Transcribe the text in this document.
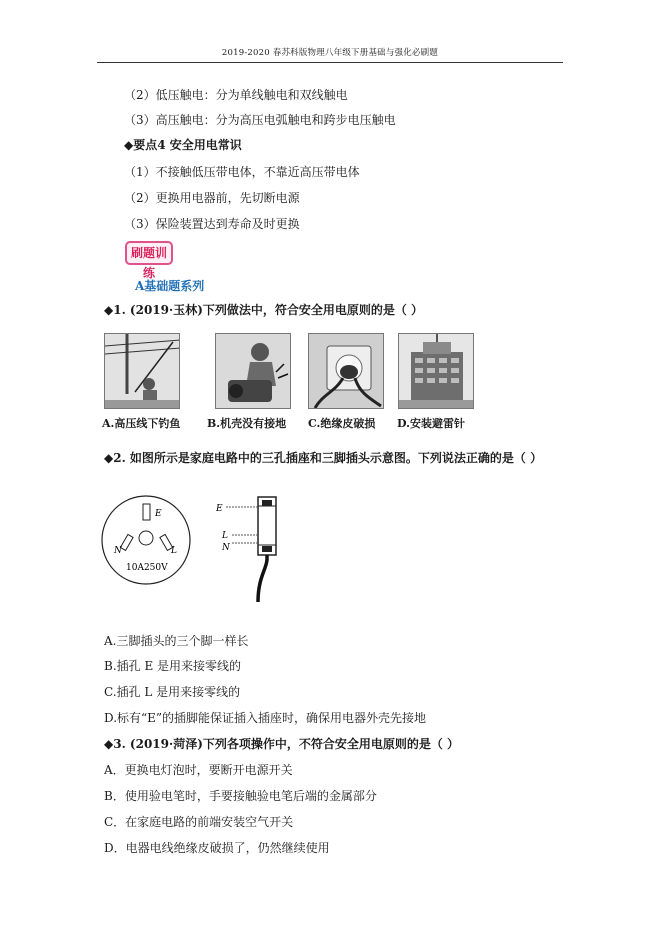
2019-2020 春苏科版物理八年级下册基础与强化必刷题
（2）低压触电：分为单线触电和双线触电
（3）高压触电：分为高压电弧触电和跨步电压触电
◆要点4 安全用电常识
（1）不接触低压带电体，不靠近高压带电体
（2）更换用电器前，先切断电源
（3）保险装置达到寿命及时更换
刷题训练
A基础题系列
◆1. (2019·玉林)下列做法中，符合安全用电原则的是（ ）
A.高压线下钓鱼 B.机壳没有接地 C.绝缘皮破损 D.安装避雷针
◆2. 如图所示是家庭电路中的三孔插座和三脚插头示意图。下列说法正确的是（ ）
E
N	L
10A250V
E
L
N
A.三脚插头的三个脚一样长
B.插孔 E 是用来接零线的
C.插孔 L 是用来接零线的
D.标有“E”的插脚能保证插入插座时，确保用电器外壳先接地
◆3. (2019·菏泽)下列各项操作中，不符合安全用电原则的是（ ）
A．更换电灯泡时，要断开电源开关
B．使用验电笔时，手要接触验电笔后端的金属部分
C．在家庭电路的前端安装空气开关
D．电器电线绝缘皮破损了，仍然继续使用
